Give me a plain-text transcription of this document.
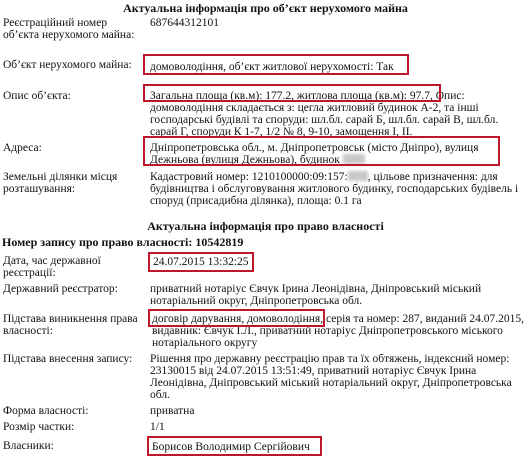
Актуальна інформація про об’єкт нерухомого майна
Реєстраційний номер об’єкта нерухомого майна:
687644312101
Об’єкт нерухомого майна:	домоволодіння, об’єкт житлової нерухомості: Так
Опис об’єкта:	Загальна площа (кв.м): 177.2, житлова площа (кв.м): 97.7, Опис: домоволодіння складається з: цегла житловий будинок А-2, та інші господарські будівлі та споруди: шл.бл. сарай Б, шл.бл. сарай В, шл.бл. сарай Г, споруди К 1-7, 1/2 № 8, 9-10, замощення І, ІІ.
Адреса:	Дніпропетровська обл., м. Дніпропетровськ (місто Дніпро), вулиця Дежньова (вулиця Дежньова), будинок
Земельні ділянки місця розташування:
Кадастровий номер: 1210100000:09:157: , цільове призначення: для будівництва і обслуговування житлового будинку, господарських будівель і споруд (присадибна ділянка), площа: 0.1 га
Актуальна інформація про право власності
Номер запису про право власності: 10542819
Дата, час державної реєстрації:
24.07.2015 13:32:25
Державний реєстратор:	приватний нотаріус Євчук Ірина Леонідівна, Дніпровський міський нотаріальний округ, Дніпропетровська обл.
Підстава виникнення права власності:
договір дарування, домоволодіння, серія та номер: 287, виданий 24.07.2015, видавник: Євчук І.Л., приватний нотаріус Дніпропетровського міського нотаріального округу
Підстава внесення запису:	Рішення про державну реєстрацію прав та їх обтяжень, індексний номер: 23130015 від 24.07.2015 13:51:49, приватний нотаріус Євчук Ірина Леонідівна, Дніпровський міський нотаріальний округ, Дніпропетровська обл.
Форма власності:	приватна
Розмір частки:	1/1
Власники:	Борисов Володимир Сергійович
